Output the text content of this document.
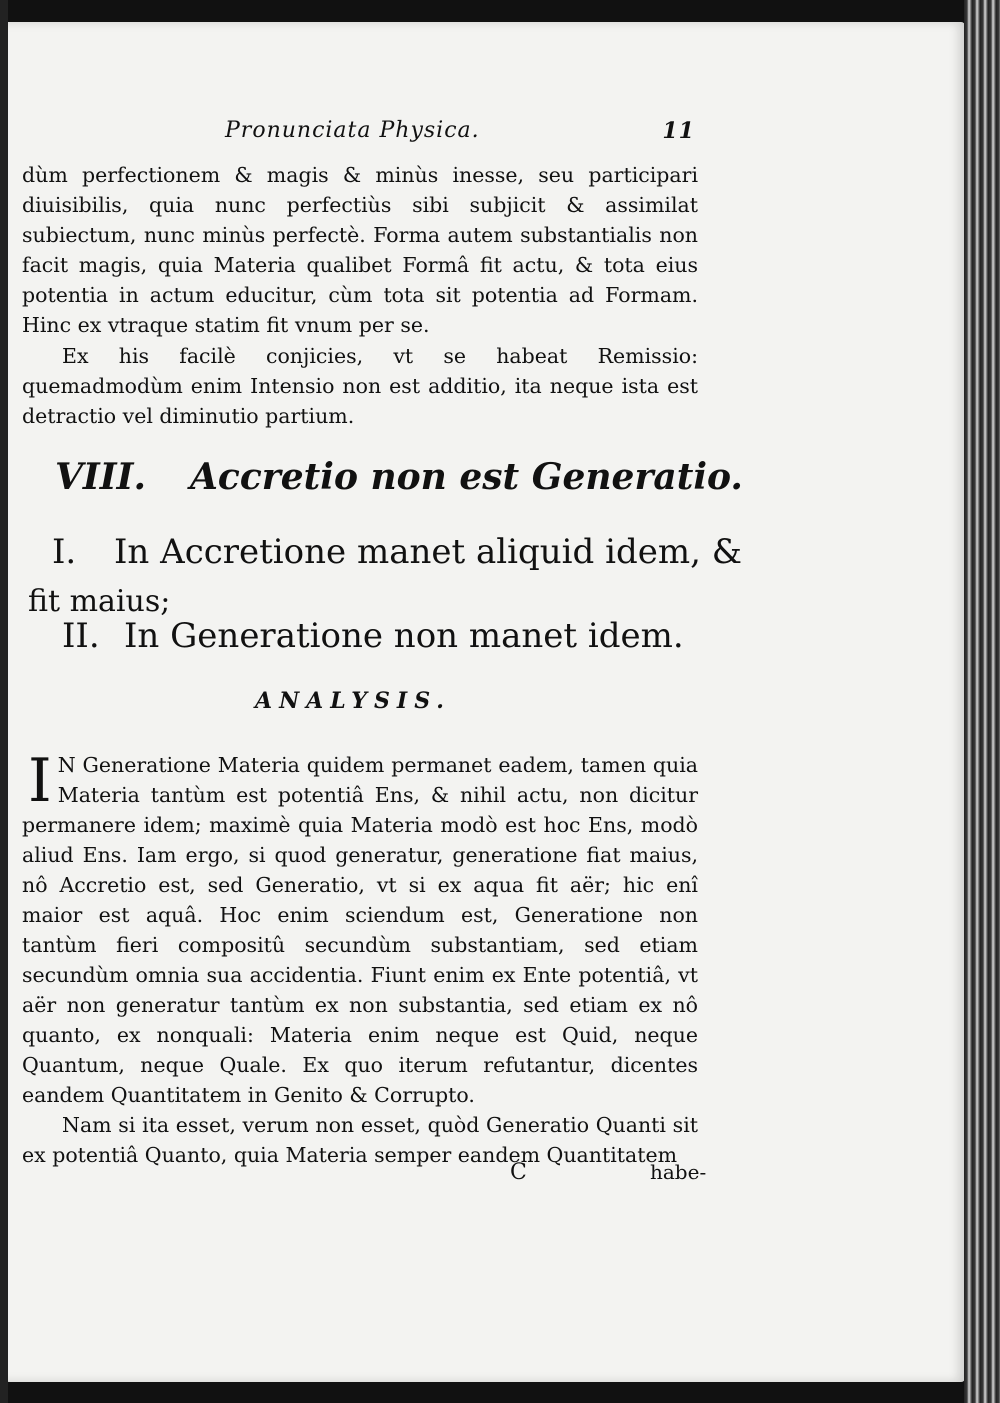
Pronunciata Physica.	11
dùm perfectionem & magis & minùs inesse, seu participari diuisibilis, quia nunc perfectiùs sibi subjicit & assimilat subiectum, nunc minùs perfectè. Forma autem substantialis non facit magis, quia Materia qualibet Formâ fit actu, & tota eius potentia in actum educitur, cùm tota sit potentia ad Formam. Hinc ex vtraque statim fit vnum per se.
Ex his facilè conjicies, vt se habeat Remissio: quemadmodùm enim Intensio non est additio, ita neque ista est detractio vel diminutio partium.
VIII. Accretio non est Generatio.
I. In Accretione manet aliquid idem, &
fit maius;
II. In Generatione non manet idem.
ANALYSIS.
I N Generatione Materia quidem permanet eadem, tamen quia Materia tantùm est potentiâ Ens, & nihil actu, non dicitur permanere idem; maximè quia Materia modò est hoc Ens, modò aliud Ens. Iam ergo, si quod generatur, generatione fiat maius, nô Accretio est, sed Generatio, vt si ex aqua fit aër; hic enî maior est aquâ. Hoc enim sciendum est, Generatione non tantùm fieri compositû secundùm substantiam, sed etiam secundùm omnia sua accidentia. Fiunt enim ex Ente potentiâ, vt aër non generatur tantùm ex non substantia, sed etiam ex nô quanto, ex nonquali: Materia enim neque est Quid, neque Quantum, neque Quale. Ex quo iterum refutantur, dicentes eandem Quantitatem in Genito & Corrupto.
Nam si ita esset, verum non esset, quòd Generatio Quanti sit ex potentiâ Quanto, quia Materia semper eandem Quantitatem
C	habe-
